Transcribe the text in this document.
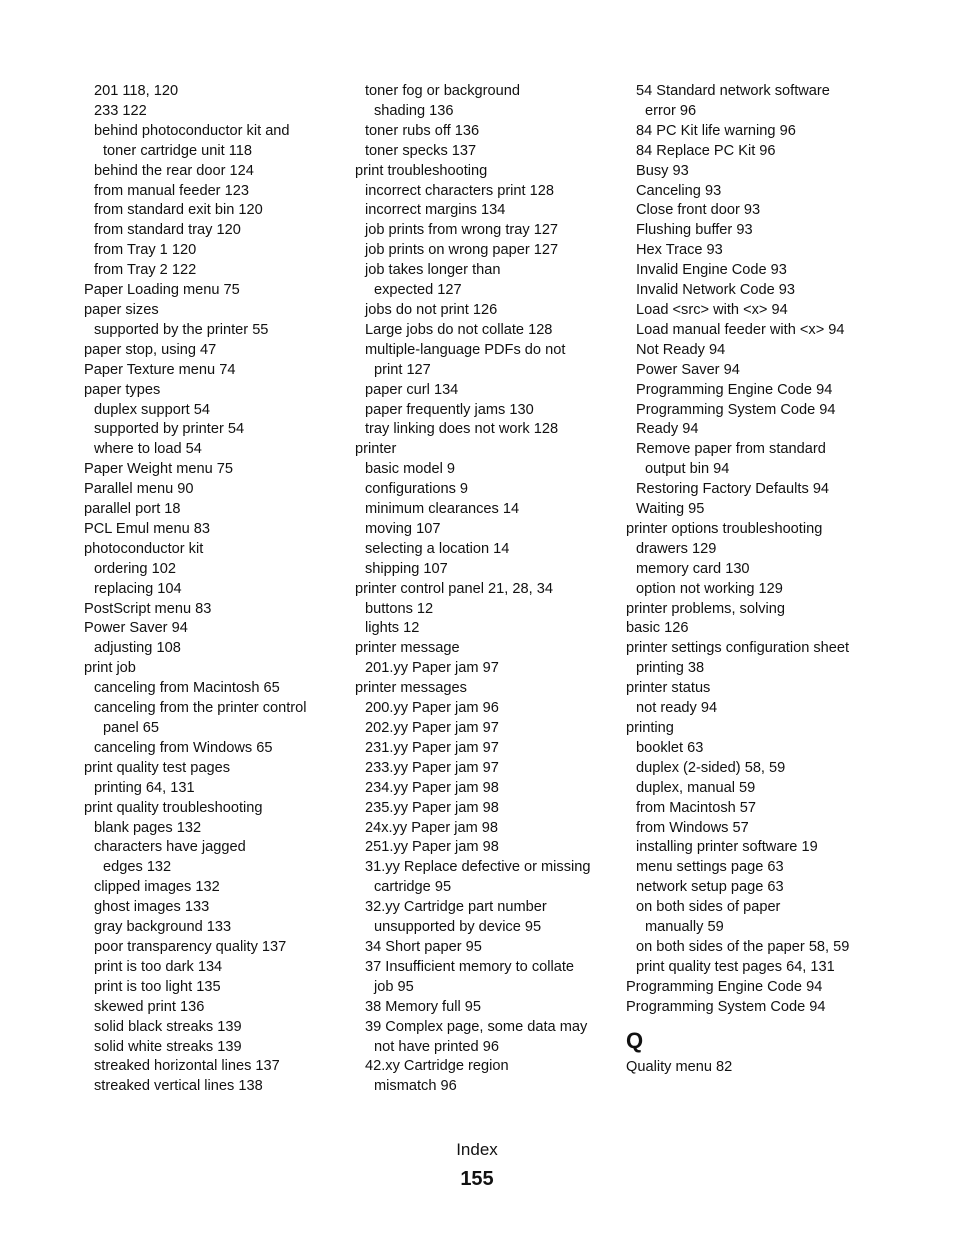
201 118, 120
233 122
behind photoconductor kit and
toner cartridge unit 118
behind the rear door 124
from manual feeder 123
from standard exit bin 120
from standard tray 120
from Tray 1 120
from Tray 2 122
Paper Loading menu 75
paper sizes
supported by the printer 55
paper stop, using 47
Paper Texture menu 74
paper types
duplex support 54
supported by printer 54
where to load 54
Paper Weight menu 75
Parallel menu 90
parallel port 18
PCL Emul menu 83
photoconductor kit
ordering 102
replacing 104
PostScript menu 83
Power Saver 94
adjusting 108
print job
canceling from Macintosh 65
canceling from the printer control
panel 65
canceling from Windows 65
print quality test pages
printing 64, 131
print quality troubleshooting
blank pages 132
characters have jagged
edges 132
clipped images 132
ghost images 133
gray background 133
poor transparency quality 137
print is too dark 134
print is too light 135
skewed print 136
solid black streaks 139
solid white streaks 139
streaked horizontal lines 137
streaked vertical lines 138
toner fog or background
shading 136
toner rubs off 136
toner specks 137
print troubleshooting
incorrect characters print 128
incorrect margins 134
job prints from wrong tray 127
job prints on wrong paper 127
job takes longer than
expected 127
jobs do not print 126
Large jobs do not collate 128
multiple-language PDFs do not
print 127
paper curl 134
paper frequently jams 130
tray linking does not work 128
printer
basic model 9
configurations 9
minimum clearances 14
moving 107
selecting a location 14
shipping 107
printer control panel 21, 28, 34
buttons 12
lights 12
printer message
201.yy Paper jam 97
printer messages
200.yy Paper jam 96
202.yy Paper jam 97
231.yy Paper jam 97
233.yy Paper jam 97
234.yy Paper jam 98
235.yy Paper jam 98
24x.yy Paper jam 98
251.yy Paper jam 98
31.yy Replace defective or missing
cartridge 95
32.yy Cartridge part number
unsupported by device 95
34 Short paper 95
37 Insufficient memory to collate
job 95
38 Memory full 95
39 Complex page, some data may
not have printed 96
42.xy Cartridge region
mismatch 96
54 Standard network software
error 96
84 PC Kit life warning 96
84 Replace PC Kit 96
Busy 93
Canceling 93
Close front door 93
Flushing buffer 93
Hex Trace 93
Invalid Engine Code 93
Invalid Network Code 93
Load <src> with <x> 94
Load manual feeder with <x> 94
Not Ready 94
Power Saver 94
Programming Engine Code 94
Programming System Code 94
Ready 94
Remove paper from standard
output bin 94
Restoring Factory Defaults 94
Waiting 95
printer options troubleshooting
drawers 129
memory card 130
option not working 129
printer problems, solving
basic 126
printer settings configuration sheet
printing 38
printer status
not ready 94
printing
booklet 63
duplex (2-sided) 58, 59
duplex, manual 59
from Macintosh 57
from Windows 57
installing printer software 19
menu settings page 63
network setup page 63
on both sides of paper
manually 59
on both sides of the paper 58, 59
print quality test pages 64, 131
Programming Engine Code 94
Programming System Code 94
Q
Quality menu 82
Index
155
